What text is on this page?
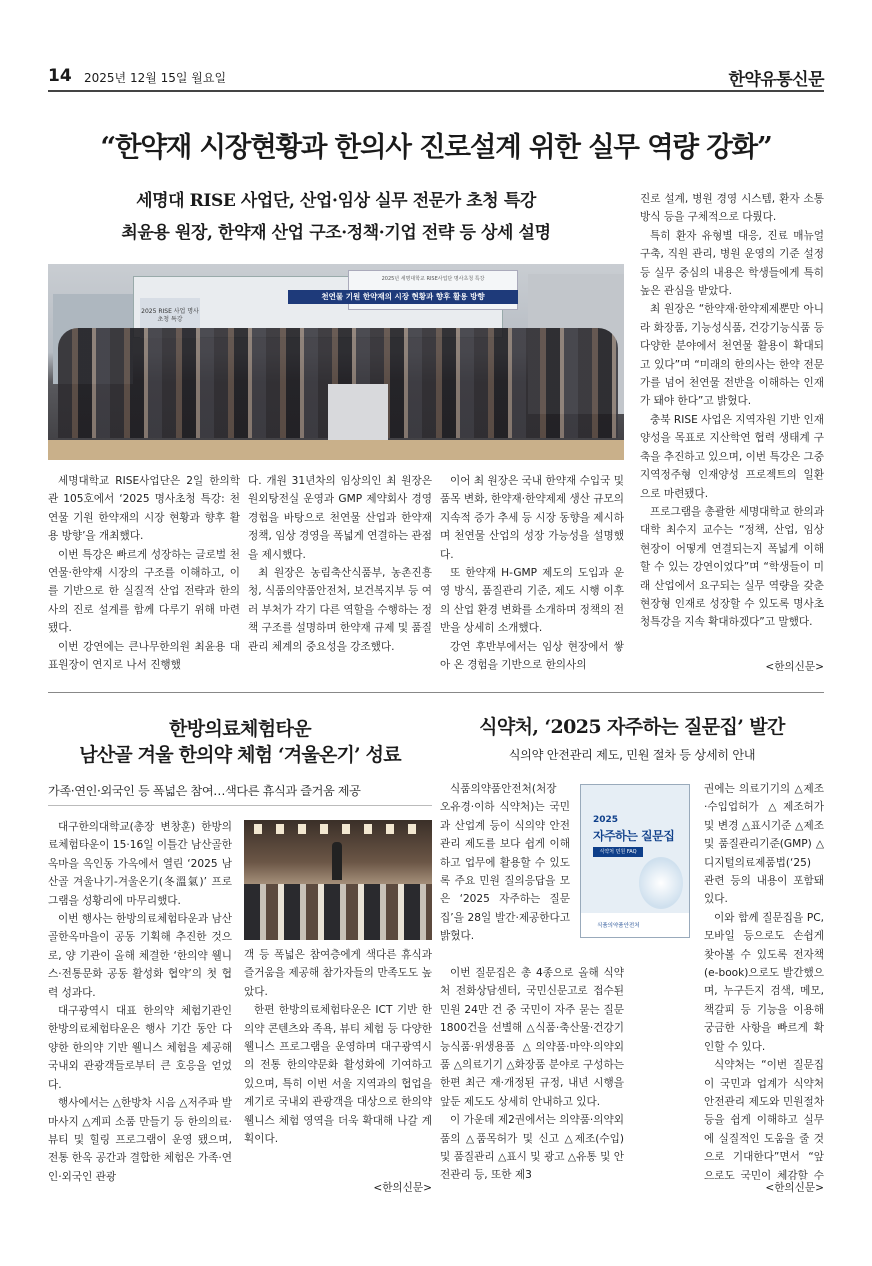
14 2025년 12월 15일 월요일	한약유통신문
“한약재 시장현황과 한의사 진로설계 위한 실무 역량 강화”
세명대 RISE 사업단, 산업·임상 실무 전문가 초청 특강
최윤용 원장, 한약재 산업 구조·정책·기업 전략 등 상세 설명
2025년 세명대학교 RISE사업단 명사초청 특강
천연물 기원 한약재의 시장 현황과 향후 활용 방향
2025 RISE 사업 명사 초청 특강

세명대학교 RISE사업단은 2일 한의학관 105호에서 ‘2025 명사초청 특강: 천연물 기원 한약재의 시장 현황과 향후 활용 방향’을 개최했다.

이번 특강은 빠르게 성장하는 글로벌 천연물·한약재 시장의 구조를 이해하고, 이를 기반으로 한 실질적 산업 전략과 한의사의 진로 설계를 함께 다루기 위해 마련됐다.

이번 강연에는 큰나무한의원 최윤용 대표원장이 연지로 나서 진행했

다. 개원 31년차의 임상의인 최 원장은 원외탕전실 운영과 GMP 제약회사 경영 경험을 바탕으로 천연물 산업과 한약재 정책, 임상 경영을 폭넓게 연결하는 관점을 제시했다.

최 원장은 농림축산식품부, 농촌진흥청, 식품의약품안전처, 보건복지부 등 여러 부처가 각기 다른 역할을 수행하는 정책 구조를 설명하며 한약재 규제 및 품질관리 체계의 중요성을 강조했다.

이어 최 원장은 국내 한약재 수입국 및 품목 변화, 한약재·한약제제 생산 규모의 지속적 증가 추세 등 시장 동향을 제시하며 천연물 산업의 성장 가능성을 설명했다.

또 한약재 H-GMP 제도의 도입과 운영 방식, 품질관리 기준, 제도 시행 이후의 산업 환경 변화를 소개하며 정책의 전반을 상세히 소개했다.

강연 후반부에서는 임상 현장에서 쌓아 온 경험을 기반으로 한의사의

진로 설계, 병원 경영 시스템, 환자 소통 방식 등을 구체적으로 다뤘다.

특히 환자 유형별 대응, 진료 매뉴얼 구축, 직원 관리, 병원 운영의 기준 설정 등 실무 중심의 내용은 학생들에게 특히 높은 관심을 받았다.

최 원장은 “한약재·한약제제뿐만 아니라 화장품, 기능성식품, 건강기능식품 등 다양한 분야에서 천연물 활용이 확대되고 있다”며 “미래의 한의사는 한약 전문가를 넘어 천연물 전반을 이해하는 인재가 돼야 한다”고 밝혔다.

충북 RISE 사업은 지역자원 기반 인재양성을 목표로 지산학연 협력 생태계 구축을 추진하고 있으며, 이번 특강은 그중 지역정주형 인재양성 프로젝트의 일환으로 마련됐다.

프로그램을 총괄한 세명대학교 한의과대학 최수지 교수는 “정책, 산업, 임상 현장이 어떻게 연결되는지 폭넓게 이해할 수 있는 강연이었다”며 “학생들이 미래 산업에서 요구되는 실무 역량을 갖춘 현장형 인재로 성장할 수 있도록 명사초청특강을 지속 확대하겠다”고 말했다.

<한의신문>
한방의료체험타운
남산골 겨울 한의약 체험 ‘겨울온기’ 성료
가족·연인·외국인 등 폭넓은 참여…색다른 휴식과 즐거움 제공

대구한의대학교(총장 변창훈) 한방의료체험타운이 15·16일 이틀간 남산골한옥마을 옥인동 가옥에서 열린 ‘2025 남산골 겨울나기-겨울온기(冬溫氣)’ 프로그램을 성황리에 마무리했다.

이번 행사는 한방의료체험타운과 남산골한옥마을이 공동 기획해 추진한 것으로, 양 기관이 올해 체결한 ‘한의약 웰니스·전통문화 공동 활성화 협약’의 첫 협력 성과다.

대구광역시 대표 한의약 체험기관인 한방의료체험타운은 행사 기간 동안 다양한 한의약 기반 웰니스 체험을 제공해 국내외 관광객들로부터 큰 호응을 얻었다.

행사에서는 △한방차 시음 △저주파 발마사지 △계피 소품 만들기 등 한의의료·뷰티 및 힐링 프로그램이 운영 됐으며, 전통 한옥 공간과 결합한 체험은 가족·연인·외국인 관광

객 등 폭넓은 참여층에게 색다른 휴식과 즐거움을 제공해 참가자들의 만족도도 높았다.

한편 한방의료체험타운은 ICT 기반 한의약 콘텐츠와 족욕, 뷰티 체험 등 다양한 웰니스 프로그램을 운영하며 대구광역시의 전통 한의약문화 활성화에 기여하고 있으며, 특히 이번 서울 지역과의 협업을 계기로 국내외 관광객을 대상으로 한의약 웰니스 체험 영역을 더욱 확대해 나갈 계획이다.

<한의신문>
식약처, ‘2025 자주하는 질문집’ 발간
식의약 안전관리 제도, 민원 절차 등 상세히 안내
2025
자주하는 질문집
식약처 민원 FAQ
식품의약품안전처

식품의약품안전처(처장 오유경·이하 식약처)는 국민과 산업계 등이 식의약 안전관리 제도를 보다 쉽게 이해하고 업무에 활용할 수 있도록 주요 민원 질의응답을 모은 ‘2025 자주하는 질문집’을 28일 발간·제공한다고 밝혔다.

이번 질문집은 총 4종으로 올해 식약처 전화상담센터, 국민신문고로 접수된 민원 24만 건 중 국민이 자주 묻는 질문 1800건을 선별해 △식품·축산물·건강기능식품·위생용품 △의약품·마약·의약외품 △의료기기 △화장품 분야로 구성하는 한편 최근 재·개정된 규정, 내년 시행을 앞둔 제도도 상세히 안내하고 있다.

이 가운데 제2권에서는 의약품·의약외품의 △품목허가 및 신고 △제조(수입) 및 품질관리 △표시 및 광고 △유통 및 안전관리 등, 또한 제3

권에는 의료기기의 △제조·수입업허가 △제조허가 및 변경 △표시기준 △제조 및 품질관리기준(GMP) △디지털의료제품법(‘25) 관련 등의 내용이 포함돼 있다.

이와 함께 질문집을 PC, 모바일 등으로도 손쉽게 찾아볼 수 있도록 전자책(e-book)으로도 발간했으며, 누구든지 검색, 메모, 책갈피 등 기능을 이용해 궁금한 사항을 빠르게 확인할 수 있다.

식약처는 “이번 질문집이 국민과 업계가 식약처 안전관리 제도와 민원절차 등을 쉽게 이해하고 실무에 실질적인 도움을 줄 것으로 기대한다”면서 “앞으로도 국민이 체감할 수

<한의신문>
